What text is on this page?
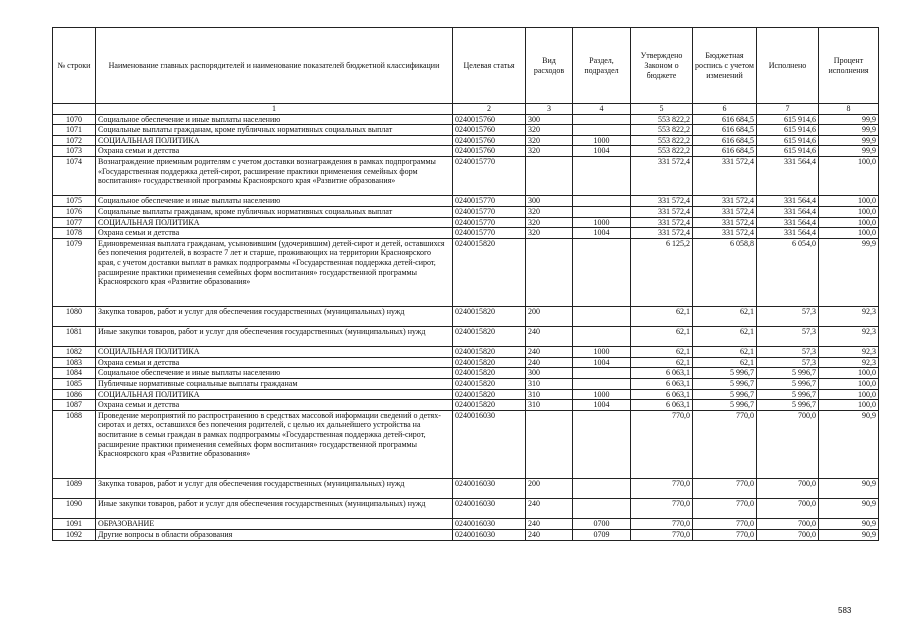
№ строки	Наименование главных распорядителей и наименование показателей бюджетной классификации	Целевая статья	Вид расходов	Раздел, подраздел	Утверждено Законом о бюджете	Бюджетная роспись с учетом изменений	Исполнено	Процент исполнения
	1	2	3	4	5	6	7	8
1070	Социальное обеспечение и иные выплаты населению	0240015760	300		553 822,2	616 684,5	615 914,6	99,9
1071	Социальные выплаты гражданам, кроме публичных нормативных социальных выплат	0240015760	320		553 822,2	616 684,5	615 914,6	99,9
1072	СОЦИАЛЬНАЯ ПОЛИТИКА	0240015760	320	1000	553 822,2	616 684,5	615 914,6	99,9
1073	Охрана семьи и детства	0240015760	320	1004	553 822,2	616 684,5	615 914,6	99,9
1074	Вознаграждение приемным родителям с учетом доставки вознаграждения в рамках подпрограммы «Государственная поддержка детей-сирот, расширение практики применения семейных форм воспитания» государственной программы Красноярского края «Развитие образования»	0240015770			331 572,4	331 572,4	331 564,4	100,0
1075	Социальное обеспечение и иные выплаты населению	0240015770	300		331 572,4	331 572,4	331 564,4	100,0
1076	Социальные выплаты гражданам, кроме публичных нормативных социальных выплат	0240015770	320		331 572,4	331 572,4	331 564,4	100,0
1077	СОЦИАЛЬНАЯ ПОЛИТИКА	0240015770	320	1000	331 572,4	331 572,4	331 564,4	100,0
1078	Охрана семьи и детства	0240015770	320	1004	331 572,4	331 572,4	331 564,4	100,0
1079	Единовременная выплата гражданам, усыновившим (удочерившим) детей-сирот и детей, оставшихся без попечения родителей, в возрасте 7 лет и старше, проживающих на территории Красноярского края, с учетом доставки выплат в рамках подпрограммы «Государственная поддержка детей-сирот, расширение практики применения семейных форм воспитания» государственной программы Красноярского края «Развитие образования»	0240015820			6 125,2	6 058,8	6 054,0	99,9
1080	Закупка товаров, работ и услуг для обеспечения государственных (муниципальных) нужд	0240015820	200		62,1	62,1	57,3	92,3
1081	Иные закупки товаров, работ и услуг для обеспечения государственных (муниципальных) нужд	0240015820	240		62,1	62,1	57,3	92,3
1082	СОЦИАЛЬНАЯ ПОЛИТИКА	0240015820	240	1000	62,1	62,1	57,3	92,3
1083	Охрана семьи и детства	0240015820	240	1004	62,1	62,1	57,3	92,3
1084	Социальное обеспечение и иные выплаты населению	0240015820	300		6 063,1	5 996,7	5 996,7	100,0
1085	Публичные нормативные социальные выплаты гражданам	0240015820	310		6 063,1	5 996,7	5 996,7	100,0
1086	СОЦИАЛЬНАЯ ПОЛИТИКА	0240015820	310	1000	6 063,1	5 996,7	5 996,7	100,0
1087	Охрана семьи и детства	0240015820	310	1004	6 063,1	5 996,7	5 996,7	100,0
1088	Проведение мероприятий по распространению в средствах массовой информации сведений о детях-сиротах и детях, оставшихся без попечения родителей, с целью их дальнейшего устройства на воспитание в семьи граждан в рамках подпрограммы «Государственная поддержка детей-сирот, расширение практики применения семейных форм воспитания» государственной программы Красноярского края «Развитие образования»	0240016030			770,0	770,0	700,0	90,9
1089	Закупка товаров, работ и услуг для обеспечения государственных (муниципальных) нужд	0240016030	200		770,0	770,0	700,0	90,9
1090	Иные закупки товаров, работ и услуг для обеспечения государственных (муниципальных) нужд	0240016030	240		770,0	770,0	700,0	90,9
1091	ОБРАЗОВАНИЕ	0240016030	240	0700	770,0	770,0	700,0	90,9
1092	Другие вопросы в области образования	0240016030	240	0709	770,0	770,0	700,0	90,9
583
